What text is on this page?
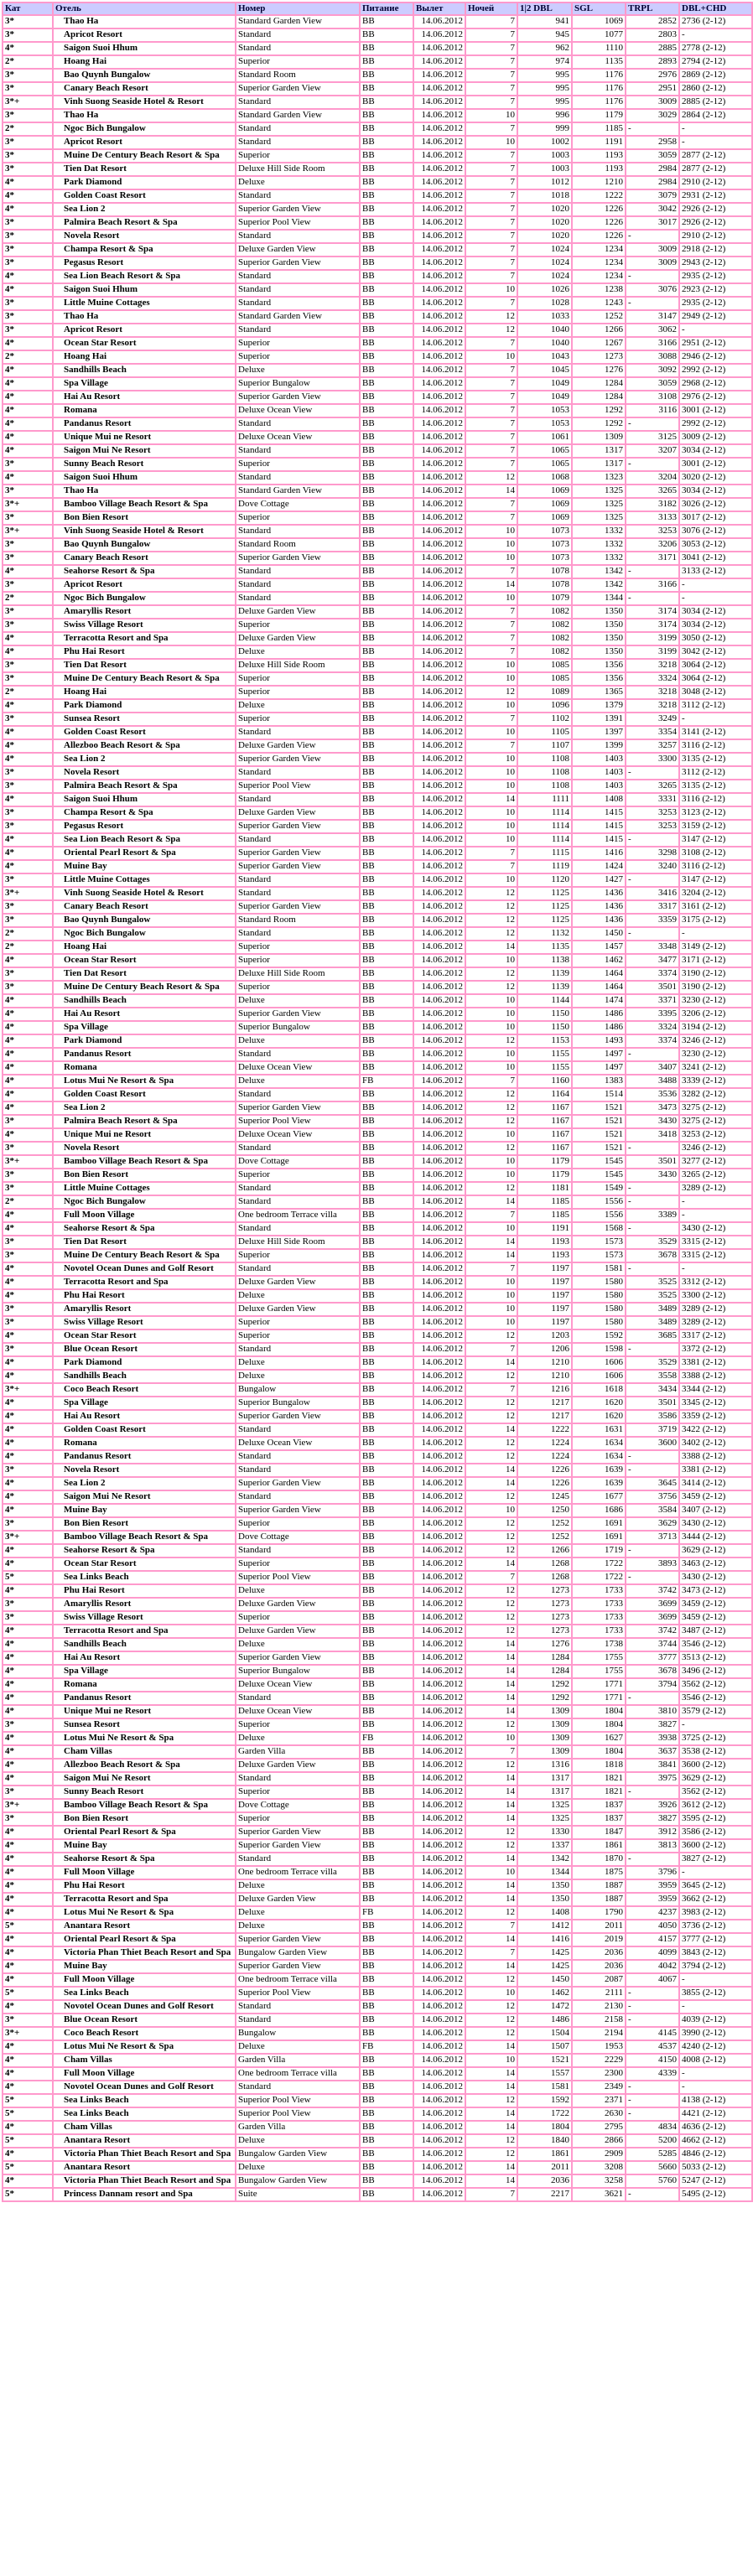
Кат	Отель	Номер	Питание	Вылет	Ночей	1|2 DBL	SGL	TRPL	DBL+CHD
3*	Thao Ha	Standard Garden View	BB	14.06.2012	7	941	1069	2852	2736 (2-12)
3*	Apricot Resort	Standard	BB	14.06.2012	7	945	1077	2803	-
4*	Saigon Suoi Hhum	Standard	BB	14.06.2012	7	962	1110	2885	2778 (2-12)
2*	Hoang Hai	Superior	BB	14.06.2012	7	974	1135	2893	2794 (2-12)
3*	Bao Quynh Bungalow	Standard Room	BB	14.06.2012	7	995	1176	2976	2869 (2-12)
3*	Canary Beach Resort	Superior Garden View	BB	14.06.2012	7	995	1176	2951	2860 (2-12)
3*+	Vinh Suong Seaside Hotel & Resort	Standard	BB	14.06.2012	7	995	1176	3009	2885 (2-12)
3*	Thao Ha	Standard Garden View	BB	14.06.2012	10	996	1179	3029	2864 (2-12)
2*	Ngoc Bich Bungalow	Standard	BB	14.06.2012	7	999	1185	-	-
3*	Apricot Resort	Standard	BB	14.06.2012	10	1002	1191	2958	-
3*	Muine De Century Beach Resort & Spa	Superior	BB	14.06.2012	7	1003	1193	3059	2877 (2-12)
3*	Tien Dat Resort	Deluxe Hill Side Room	BB	14.06.2012	7	1003	1193	2984	2877 (2-12)
4*	Park Diamond	Deluxe	BB	14.06.2012	7	1012	1210	2984	2910 (2-12)
4*	Golden Coast Resort	Standard	BB	14.06.2012	7	1018	1222	3079	2931 (2-12)
4*	Sea Lion 2	Superior Garden View	BB	14.06.2012	7	1020	1226	3042	2926 (2-12)
3*	Palmira Beach Resort & Spa	Superior Pool View	BB	14.06.2012	7	1020	1226	3017	2926 (2-12)
3*	Novela Resort	Standard	BB	14.06.2012	7	1020	1226	-	2910 (2-12)
3*	Champa Resort & Spa	Deluxe Garden View	BB	14.06.2012	7	1024	1234	3009	2918 (2-12)
3*	Pegasus Resort	Superior Garden View	BB	14.06.2012	7	1024	1234	3009	2943 (2-12)
4*	Sea Lion Beach Resort & Spa	Standard	BB	14.06.2012	7	1024	1234	-	2935 (2-12)
4*	Saigon Suoi Hhum	Standard	BB	14.06.2012	10	1026	1238	3076	2923 (2-12)
3*	Little Muine Cottages	Standard	BB	14.06.2012	7	1028	1243	-	2935 (2-12)
3*	Thao Ha	Standard Garden View	BB	14.06.2012	12	1033	1252	3147	2949 (2-12)
3*	Apricot Resort	Standard	BB	14.06.2012	12	1040	1266	3062	-
4*	Ocean Star Resort	Superior	BB	14.06.2012	7	1040	1267	3166	2951 (2-12)
2*	Hoang Hai	Superior	BB	14.06.2012	10	1043	1273	3088	2946 (2-12)
4*	Sandhills Beach	Deluxe	BB	14.06.2012	7	1045	1276	3092	2992 (2-12)
4*	Spa Village	Superior Bungalow	BB	14.06.2012	7	1049	1284	3059	2968 (2-12)
4*	Hai Au Resort	Superior Garden View	BB	14.06.2012	7	1049	1284	3108	2976 (2-12)
4*	Romana	Deluxe Ocean View	BB	14.06.2012	7	1053	1292	3116	3001 (2-12)
4*	Pandanus Resort	Standard	BB	14.06.2012	7	1053	1292	-	2992 (2-12)
4*	Unique Mui ne Resort	Deluxe Ocean View	BB	14.06.2012	7	1061	1309	3125	3009 (2-12)
4*	Saigon Mui Ne Resort	Standard	BB	14.06.2012	7	1065	1317	3207	3034 (2-12)
3*	Sunny Beach Resort	Superior	BB	14.06.2012	7	1065	1317	-	3001 (2-12)
4*	Saigon Suoi Hhum	Standard	BB	14.06.2012	12	1068	1323	3204	3020 (2-12)
3*	Thao Ha	Standard Garden View	BB	14.06.2012	14	1069	1325	3265	3034 (2-12)
3*+	Bamboo Village Beach Resort & Spa	Dove Cottage	BB	14.06.2012	7	1069	1325	3182	3026 (2-12)
3*	Bon Bien Resort	Superior	BB	14.06.2012	7	1069	1325	3133	3017 (2-12)
3*+	Vinh Suong Seaside Hotel & Resort	Standard	BB	14.06.2012	10	1073	1332	3253	3076 (2-12)
3*	Bao Quynh Bungalow	Standard Room	BB	14.06.2012	10	1073	1332	3206	3053 (2-12)
3*	Canary Beach Resort	Superior Garden View	BB	14.06.2012	10	1073	1332	3171	3041 (2-12)
4*	Seahorse Resort & Spa	Standard	BB	14.06.2012	7	1078	1342	-	3133 (2-12)
3*	Apricot Resort	Standard	BB	14.06.2012	14	1078	1342	3166	-
2*	Ngoc Bich Bungalow	Standard	BB	14.06.2012	10	1079	1344	-	-
3*	Amaryllis Resort	Deluxe Garden View	BB	14.06.2012	7	1082	1350	3174	3034 (2-12)
3*	Swiss Village Resort	Superior	BB	14.06.2012	7	1082	1350	3174	3034 (2-12)
4*	Terracotta Resort and Spa	Deluxe Garden View	BB	14.06.2012	7	1082	1350	3199	3050 (2-12)
4*	Phu Hai Resort	Deluxe	BB	14.06.2012	7	1082	1350	3199	3042 (2-12)
3*	Tien Dat Resort	Deluxe Hill Side Room	BB	14.06.2012	10	1085	1356	3218	3064 (2-12)
3*	Muine De Century Beach Resort & Spa	Superior	BB	14.06.2012	10	1085	1356	3324	3064 (2-12)
2*	Hoang Hai	Superior	BB	14.06.2012	12	1089	1365	3218	3048 (2-12)
4*	Park Diamond	Deluxe	BB	14.06.2012	10	1096	1379	3218	3112 (2-12)
3*	Sunsea Resort	Superior	BB	14.06.2012	7	1102	1391	3249	-
4*	Golden Coast Resort	Standard	BB	14.06.2012	10	1105	1397	3354	3141 (2-12)
4*	Allezboo Beach Resort & Spa	Deluxe Garden View	BB	14.06.2012	7	1107	1399	3257	3116 (2-12)
4*	Sea Lion 2	Superior Garden View	BB	14.06.2012	10	1108	1403	3300	3135 (2-12)
3*	Novela Resort	Standard	BB	14.06.2012	10	1108	1403	-	3112 (2-12)
3*	Palmira Beach Resort & Spa	Superior Pool View	BB	14.06.2012	10	1108	1403	3265	3135 (2-12)
4*	Saigon Suoi Hhum	Standard	BB	14.06.2012	14	1111	1408	3331	3116 (2-12)
3*	Champa Resort & Spa	Deluxe Garden View	BB	14.06.2012	10	1114	1415	3253	3123 (2-12)
3*	Pegasus Resort	Superior Garden View	BB	14.06.2012	10	1114	1415	3253	3159 (2-12)
4*	Sea Lion Beach Resort & Spa	Standard	BB	14.06.2012	10	1114	1415	-	3147 (2-12)
4*	Oriental Pearl Resort & Spa	Superior Garden View	BB	14.06.2012	7	1115	1416	3298	3108 (2-12)
4*	Muine Bay	Superior Garden View	BB	14.06.2012	7	1119	1424	3240	3116 (2-12)
3*	Little Muine Cottages	Standard	BB	14.06.2012	10	1120	1427	-	3147 (2-12)
3*+	Vinh Suong Seaside Hotel & Resort	Standard	BB	14.06.2012	12	1125	1436	3416	3204 (2-12)
3*	Canary Beach Resort	Superior Garden View	BB	14.06.2012	12	1125	1436	3317	3161 (2-12)
3*	Bao Quynh Bungalow	Standard Room	BB	14.06.2012	12	1125	1436	3359	3175 (2-12)
2*	Ngoc Bich Bungalow	Standard	BB	14.06.2012	12	1132	1450	-	-
2*	Hoang Hai	Superior	BB	14.06.2012	14	1135	1457	3348	3149 (2-12)
4*	Ocean Star Resort	Superior	BB	14.06.2012	10	1138	1462	3477	3171 (2-12)
3*	Tien Dat Resort	Deluxe Hill Side Room	BB	14.06.2012	12	1139	1464	3374	3190 (2-12)
3*	Muine De Century Beach Resort & Spa	Superior	BB	14.06.2012	12	1139	1464	3501	3190 (2-12)
4*	Sandhills Beach	Deluxe	BB	14.06.2012	10	1144	1474	3371	3230 (2-12)
4*	Hai Au Resort	Superior Garden View	BB	14.06.2012	10	1150	1486	3395	3206 (2-12)
4*	Spa Village	Superior Bungalow	BB	14.06.2012	10	1150	1486	3324	3194 (2-12)
4*	Park Diamond	Deluxe	BB	14.06.2012	12	1153	1493	3374	3246 (2-12)
4*	Pandanus Resort	Standard	BB	14.06.2012	10	1155	1497	-	3230 (2-12)
4*	Romana	Deluxe Ocean View	BB	14.06.2012	10	1155	1497	3407	3241 (2-12)
4*	Lotus Mui Ne Resort & Spa	Deluxe	FB	14.06.2012	7	1160	1383	3488	3339 (2-12)
4*	Golden Coast Resort	Standard	BB	14.06.2012	12	1164	1514	3536	3282 (2-12)
4*	Sea Lion 2	Superior Garden View	BB	14.06.2012	12	1167	1521	3473	3275 (2-12)
3*	Palmira Beach Resort & Spa	Superior Pool View	BB	14.06.2012	12	1167	1521	3430	3275 (2-12)
4*	Unique Mui ne Resort	Deluxe Ocean View	BB	14.06.2012	10	1167	1521	3418	3253 (2-12)
3*	Novela Resort	Standard	BB	14.06.2012	12	1167	1521	-	3246 (2-12)
3*+	Bamboo Village Beach Resort & Spa	Dove Cottage	BB	14.06.2012	10	1179	1545	3501	3277 (2-12)
3*	Bon Bien Resort	Superior	BB	14.06.2012	10	1179	1545	3430	3265 (2-12)
3*	Little Muine Cottages	Standard	BB	14.06.2012	12	1181	1549	-	3289 (2-12)
2*	Ngoc Bich Bungalow	Standard	BB	14.06.2012	14	1185	1556	-	-
4*	Full Moon Village	One bedroom Terrace villa	BB	14.06.2012	7	1185	1556	3389	-
4*	Seahorse Resort & Spa	Standard	BB	14.06.2012	10	1191	1568	-	3430 (2-12)
3*	Tien Dat Resort	Deluxe Hill Side Room	BB	14.06.2012	14	1193	1573	3529	3315 (2-12)
3*	Muine De Century Beach Resort & Spa	Superior	BB	14.06.2012	14	1193	1573	3678	3315 (2-12)
4*	Novotel Ocean Dunes and Golf Resort	Standard	BB	14.06.2012	7	1197	1581	-	-
4*	Terracotta Resort and Spa	Deluxe Garden View	BB	14.06.2012	10	1197	1580	3525	3312 (2-12)
4*	Phu Hai Resort	Deluxe	BB	14.06.2012	10	1197	1580	3525	3300 (2-12)
3*	Amaryllis Resort	Deluxe Garden View	BB	14.06.2012	10	1197	1580	3489	3289 (2-12)
3*	Swiss Village Resort	Superior	BB	14.06.2012	10	1197	1580	3489	3289 (2-12)
4*	Ocean Star Resort	Superior	BB	14.06.2012	12	1203	1592	3685	3317 (2-12)
3*	Blue Ocean Resort	Standard	BB	14.06.2012	7	1206	1598	-	3372 (2-12)
4*	Park Diamond	Deluxe	BB	14.06.2012	14	1210	1606	3529	3381 (2-12)
4*	Sandhills Beach	Deluxe	BB	14.06.2012	12	1210	1606	3558	3388 (2-12)
3*+	Coco Beach Resort	Bungalow	BB	14.06.2012	7	1216	1618	3434	3344 (2-12)
4*	Spa Village	Superior Bungalow	BB	14.06.2012	12	1217	1620	3501	3345 (2-12)
4*	Hai Au Resort	Superior Garden View	BB	14.06.2012	12	1217	1620	3586	3359 (2-12)
4*	Golden Coast Resort	Standard	BB	14.06.2012	14	1222	1631	3719	3422 (2-12)
4*	Romana	Deluxe Ocean View	BB	14.06.2012	12	1224	1634	3600	3402 (2-12)
4*	Pandanus Resort	Standard	BB	14.06.2012	12	1224	1634	-	3388 (2-12)
3*	Novela Resort	Standard	BB	14.06.2012	14	1226	1639	-	3381 (2-12)
4*	Sea Lion 2	Superior Garden View	BB	14.06.2012	14	1226	1639	3645	3414 (2-12)
4*	Saigon Mui Ne Resort	Standard	BB	14.06.2012	12	1245	1677	3756	3459 (2-12)
4*	Muine Bay	Superior Garden View	BB	14.06.2012	10	1250	1686	3584	3407 (2-12)
3*	Bon Bien Resort	Superior	BB	14.06.2012	12	1252	1691	3629	3430 (2-12)
3*+	Bamboo Village Beach Resort & Spa	Dove Cottage	BB	14.06.2012	12	1252	1691	3713	3444 (2-12)
4*	Seahorse Resort & Spa	Standard	BB	14.06.2012	12	1266	1719	-	3629 (2-12)
4*	Ocean Star Resort	Superior	BB	14.06.2012	14	1268	1722	3893	3463 (2-12)
5*	Sea Links Beach	Superior Pool View	BB	14.06.2012	7	1268	1722	-	3430 (2-12)
4*	Phu Hai Resort	Deluxe	BB	14.06.2012	12	1273	1733	3742	3473 (2-12)
3*	Amaryllis Resort	Deluxe Garden View	BB	14.06.2012	12	1273	1733	3699	3459 (2-12)
3*	Swiss Village Resort	Superior	BB	14.06.2012	12	1273	1733	3699	3459 (2-12)
4*	Terracotta Resort and Spa	Deluxe Garden View	BB	14.06.2012	12	1273	1733	3742	3487 (2-12)
4*	Sandhills Beach	Deluxe	BB	14.06.2012	14	1276	1738	3744	3546 (2-12)
4*	Hai Au Resort	Superior Garden View	BB	14.06.2012	14	1284	1755	3777	3513 (2-12)
4*	Spa Village	Superior Bungalow	BB	14.06.2012	14	1284	1755	3678	3496 (2-12)
4*	Romana	Deluxe Ocean View	BB	14.06.2012	14	1292	1771	3794	3562 (2-12)
4*	Pandanus Resort	Standard	BB	14.06.2012	14	1292	1771	-	3546 (2-12)
4*	Unique Mui ne Resort	Deluxe Ocean View	BB	14.06.2012	14	1309	1804	3810	3579 (2-12)
3*	Sunsea Resort	Superior	BB	14.06.2012	12	1309	1804	3827	-
4*	Lotus Mui Ne Resort & Spa	Deluxe	FB	14.06.2012	10	1309	1627	3938	3725 (2-12)
4*	Cham Villas	Garden Villa	BB	14.06.2012	7	1309	1804	3637	3538 (2-12)
4*	Allezboo Beach Resort & Spa	Deluxe Garden View	BB	14.06.2012	12	1316	1818	3841	3600 (2-12)
4*	Saigon Mui Ne Resort	Standard	BB	14.06.2012	14	1317	1821	3975	3629 (2-12)
3*	Sunny Beach Resort	Superior	BB	14.06.2012	14	1317	1821	-	3562 (2-12)
3*+	Bamboo Village Beach Resort & Spa	Dove Cottage	BB	14.06.2012	14	1325	1837	3926	3612 (2-12)
3*	Bon Bien Resort	Superior	BB	14.06.2012	14	1325	1837	3827	3595 (2-12)
4*	Oriental Pearl Resort & Spa	Superior Garden View	BB	14.06.2012	12	1330	1847	3912	3586 (2-12)
4*	Muine Bay	Superior Garden View	BB	14.06.2012	12	1337	1861	3813	3600 (2-12)
4*	Seahorse Resort & Spa	Standard	BB	14.06.2012	14	1342	1870	-	3827 (2-12)
4*	Full Moon Village	One bedroom Terrace villa	BB	14.06.2012	10	1344	1875	3796	-
4*	Phu Hai Resort	Deluxe	BB	14.06.2012	14	1350	1887	3959	3645 (2-12)
4*	Terracotta Resort and Spa	Deluxe Garden View	BB	14.06.2012	14	1350	1887	3959	3662 (2-12)
4*	Lotus Mui Ne Resort & Spa	Deluxe	FB	14.06.2012	12	1408	1790	4237	3983 (2-12)
5*	Anantara Resort	Deluxe	BB	14.06.2012	7	1412	2011	4050	3736 (2-12)
4*	Oriental Pearl Resort & Spa	Superior Garden View	BB	14.06.2012	14	1416	2019	4157	3777 (2-12)
4*	Victoria Phan Thiet Beach Resort and Spa	Bungalow Garden View	BB	14.06.2012	7	1425	2036	4099	3843 (2-12)
4*	Muine Bay	Superior Garden View	BB	14.06.2012	14	1425	2036	4042	3794 (2-12)
4*	Full Moon Village	One bedroom Terrace villa	BB	14.06.2012	12	1450	2087	4067	-
5*	Sea Links Beach	Superior Pool View	BB	14.06.2012	10	1462	2111	-	3855 (2-12)
4*	Novotel Ocean Dunes and Golf Resort	Standard	BB	14.06.2012	12	1472	2130	-	-
3*	Blue Ocean Resort	Standard	BB	14.06.2012	12	1486	2158	-	4039 (2-12)
3*+	Coco Beach Resort	Bungalow	BB	14.06.2012	12	1504	2194	4145	3990 (2-12)
4*	Lotus Mui Ne Resort & Spa	Deluxe	FB	14.06.2012	14	1507	1953	4537	4240 (2-12)
4*	Cham Villas	Garden Villa	BB	14.06.2012	10	1521	2229	4150	4008 (2-12)
4*	Full Moon Village	One bedroom Terrace villa	BB	14.06.2012	14	1557	2300	4339	-
4*	Novotel Ocean Dunes and Golf Resort	Standard	BB	14.06.2012	14	1581	2349	-	-
5*	Sea Links Beach	Superior Pool View	BB	14.06.2012	12	1592	2371	-	4138 (2-12)
5*	Sea Links Beach	Superior Pool View	BB	14.06.2012	14	1722	2630	-	4421 (2-12)
4*	Cham Villas	Garden Villa	BB	14.06.2012	14	1804	2795	4834	4636 (2-12)
5*	Anantara Resort	Deluxe	BB	14.06.2012	12	1840	2866	5200	4662 (2-12)
4*	Victoria Phan Thiet Beach Resort and Spa	Bungalow Garden View	BB	14.06.2012	12	1861	2909	5285	4846 (2-12)
5*	Anantara Resort	Deluxe	BB	14.06.2012	14	2011	3208	5660	5033 (2-12)
4*	Victoria Phan Thiet Beach Resort and Spa	Bungalow Garden View	BB	14.06.2012	14	2036	3258	5760	5247 (2-12)
5*	Princess Dannam resort and Spa	Suite	BB	14.06.2012	7	2217	3621	-	5495 (2-12)
